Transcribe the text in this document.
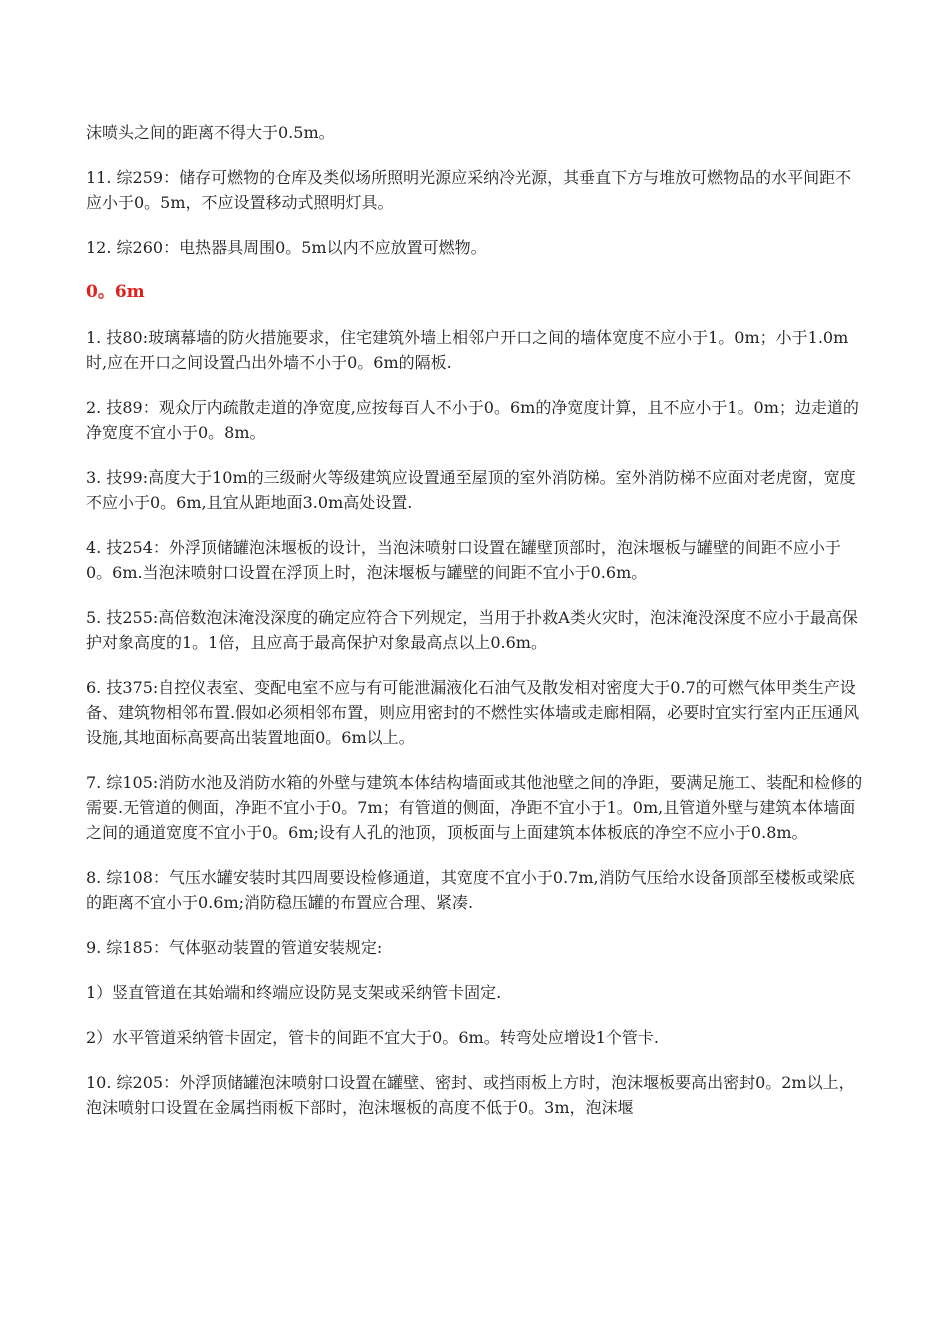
沫喷头之间的距离不得大于0.5m。

11. 综259：储存可燃物的仓库及类似场所照明光源应采纳冷光源，其垂直下方与堆放可燃物品的水平间距不应小于0。5m，不应设置移动式照明灯具。

12. 综260：电热器具周围0。5m以内不应放置可燃物。

0。6m

1. 技80:玻璃幕墙的防火措施要求，住宅建筑外墙上相邻户开口之间的墙体宽度不应小于1。0m；小于1.0m时,应在开口之间设置凸出外墙不小于0。6m的隔板.

2. 技89：观众厅内疏散走道的净宽度,应按每百人不小于0。6m的净宽度计算，且不应小于1。0m；边走道的净宽度不宜小于0。8m。

3. 技99:高度大于10m的三级耐火等级建筑应设置通至屋顶的室外消防梯。室外消防梯不应面对老虎窗，宽度不应小于0。6m,且宜从距地面3.0m高处设置.

4. 技254：外浮顶储罐泡沫堰板的设计，当泡沫喷射口设置在罐壁顶部时，泡沫堰板与罐壁的间距不应小于0。6m.当泡沫喷射口设置在浮顶上时，泡沫堰板与罐壁的间距不宜小于0.6m。

5. 技255:高倍数泡沫淹没深度的确定应符合下列规定，当用于扑救A类火灾时，泡沫淹没深度不应小于最高保护对象高度的1。1倍，且应高于最高保护对象最高点以上0.6m。

6. 技375:自控仪表室、变配电室不应与有可能泄漏液化石油气及散发相对密度大于0.7的可燃气体甲类生产设备、建筑物相邻布置.假如必须相邻布置，则应用密封的不燃性实体墙或走廊相隔，必要时宜实行室内正压通风设施,其地面标高要高出装置地面0。6m以上。

7. 综105:消防水池及消防水箱的外壁与建筑本体结构墙面或其他池壁之间的净距，要满足施工、装配和检修的需要.无管道的侧面，净距不宜小于0。7m；有管道的侧面，净距不宜小于1。0m,且管道外壁与建筑本体墙面之间的通道宽度不宜小于0。6m;设有人孔的池顶，顶板面与上面建筑本体板底的净空不应小于0.8m。

8. 综108：气压水罐安装时其四周要设检修通道，其宽度不宜小于0.7m,消防气压给水设备顶部至楼板或梁底的距离不宜小于0.6m;消防稳压罐的布置应合理、紧凑.

9. 综185：气体驱动装置的管道安装规定:

1）竖直管道在其始端和终端应设防晃支架或采纳管卡固定.

2）水平管道采纳管卡固定，管卡的间距不宜大于0。6m。转弯处应增设1个管卡.

10. 综205：外浮顶储罐泡沫喷射口设置在罐壁、密封、或挡雨板上方时，泡沫堰板要高出密封0。2m以上，泡沫喷射口设置在金属挡雨板下部时，泡沫堰板的高度不低于0。3m，泡沫堰
